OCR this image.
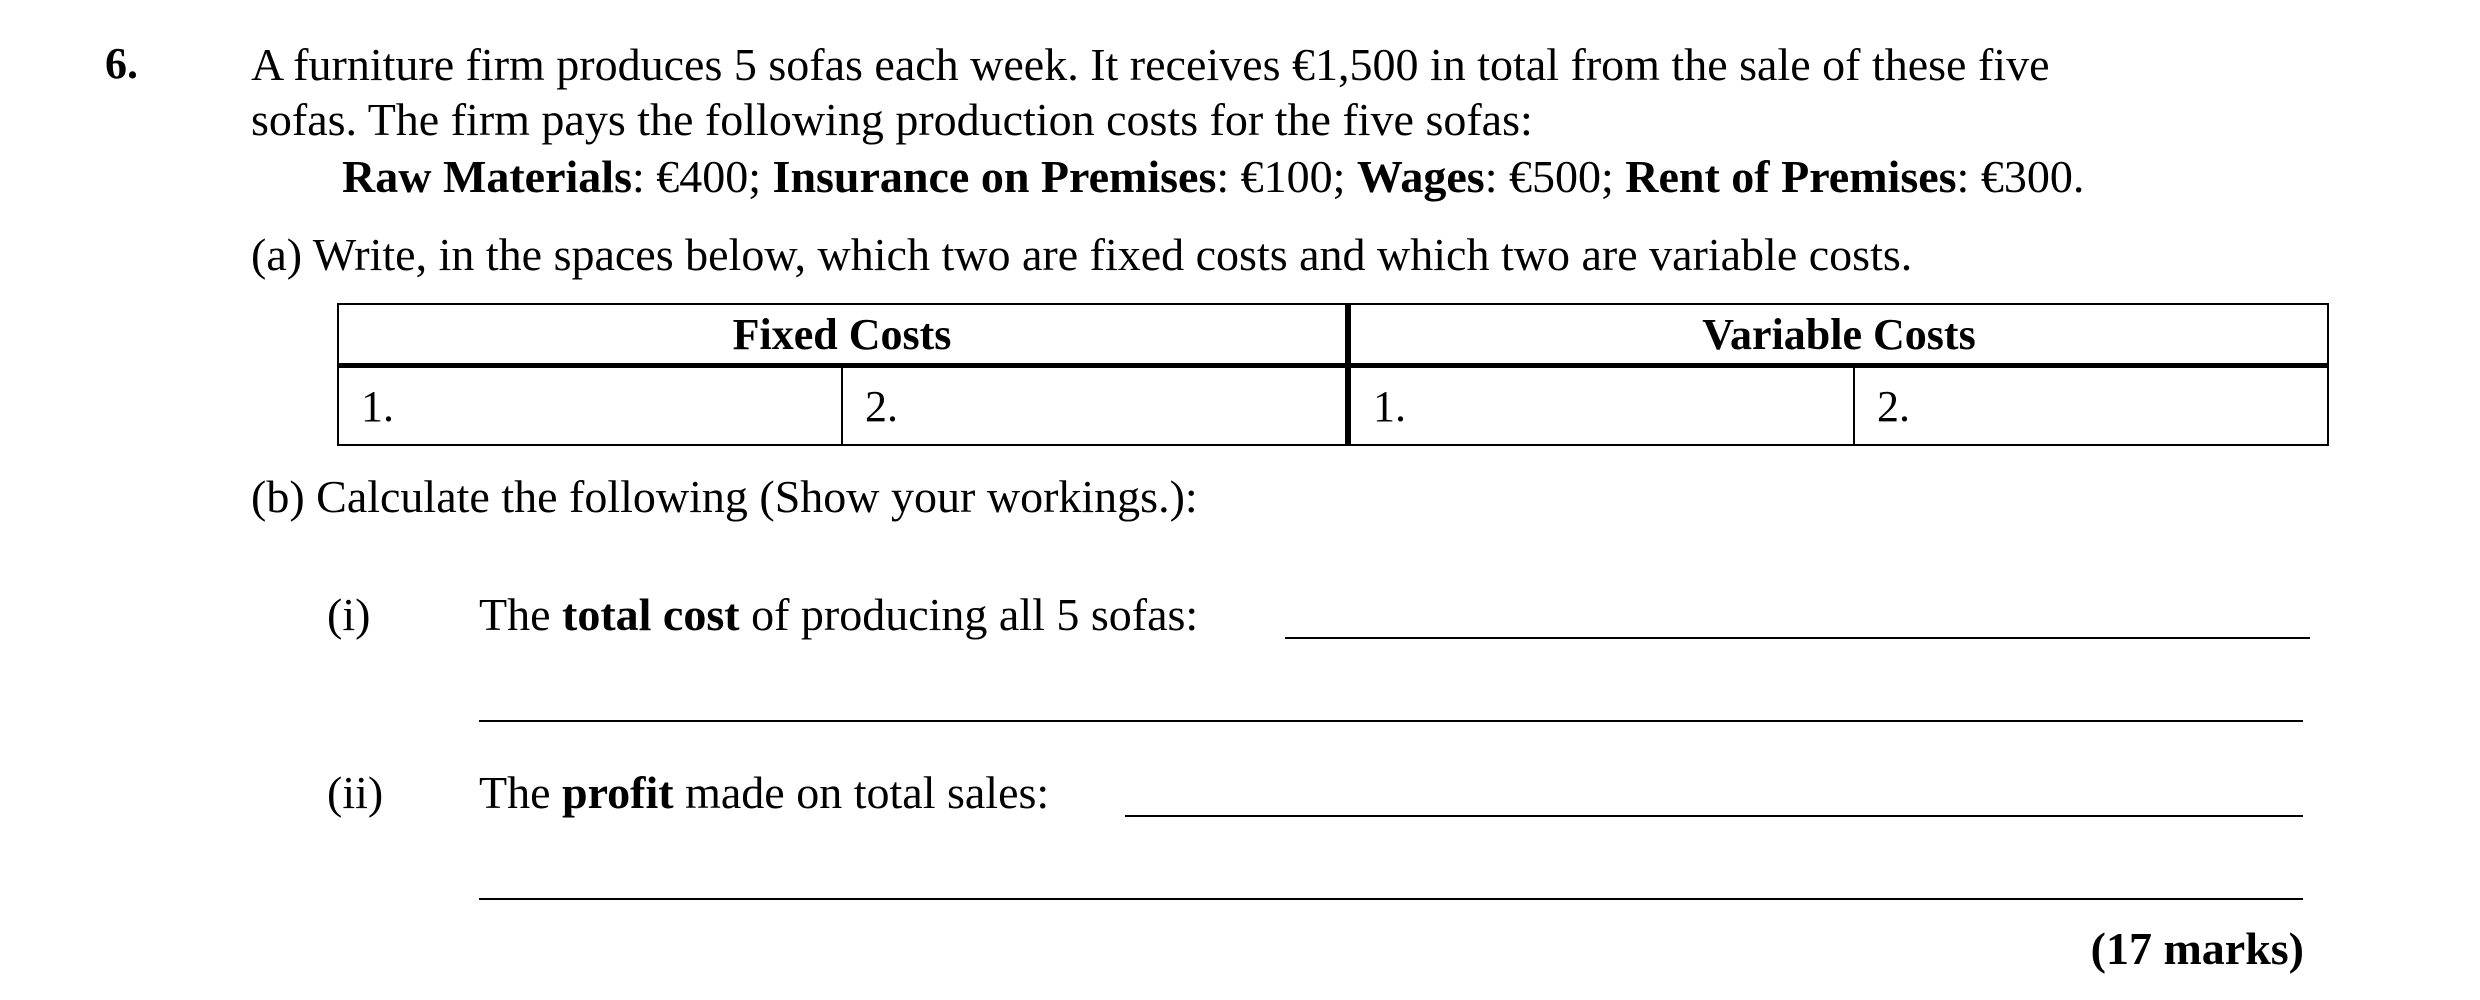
6. A furniture firm produces 5 sofas each week. It receives €1,500 in total from the sale of these five
sofas. The firm pays the following production costs for the five sofas:
Raw Materials: €400; Insurance on Premises: €100; Wages: €500; Rent of Premises: €300.
(a) Write, in the spaces below, which two are fixed costs and which two are variable costs.
Fixed Costs		Variable Costs	
1.	2.	1.	2.
(b) Calculate the following (Show your workings.):
(i) The total cost of producing all 5 sofas:
(ii) The profit made on total sales:
(17 marks)
